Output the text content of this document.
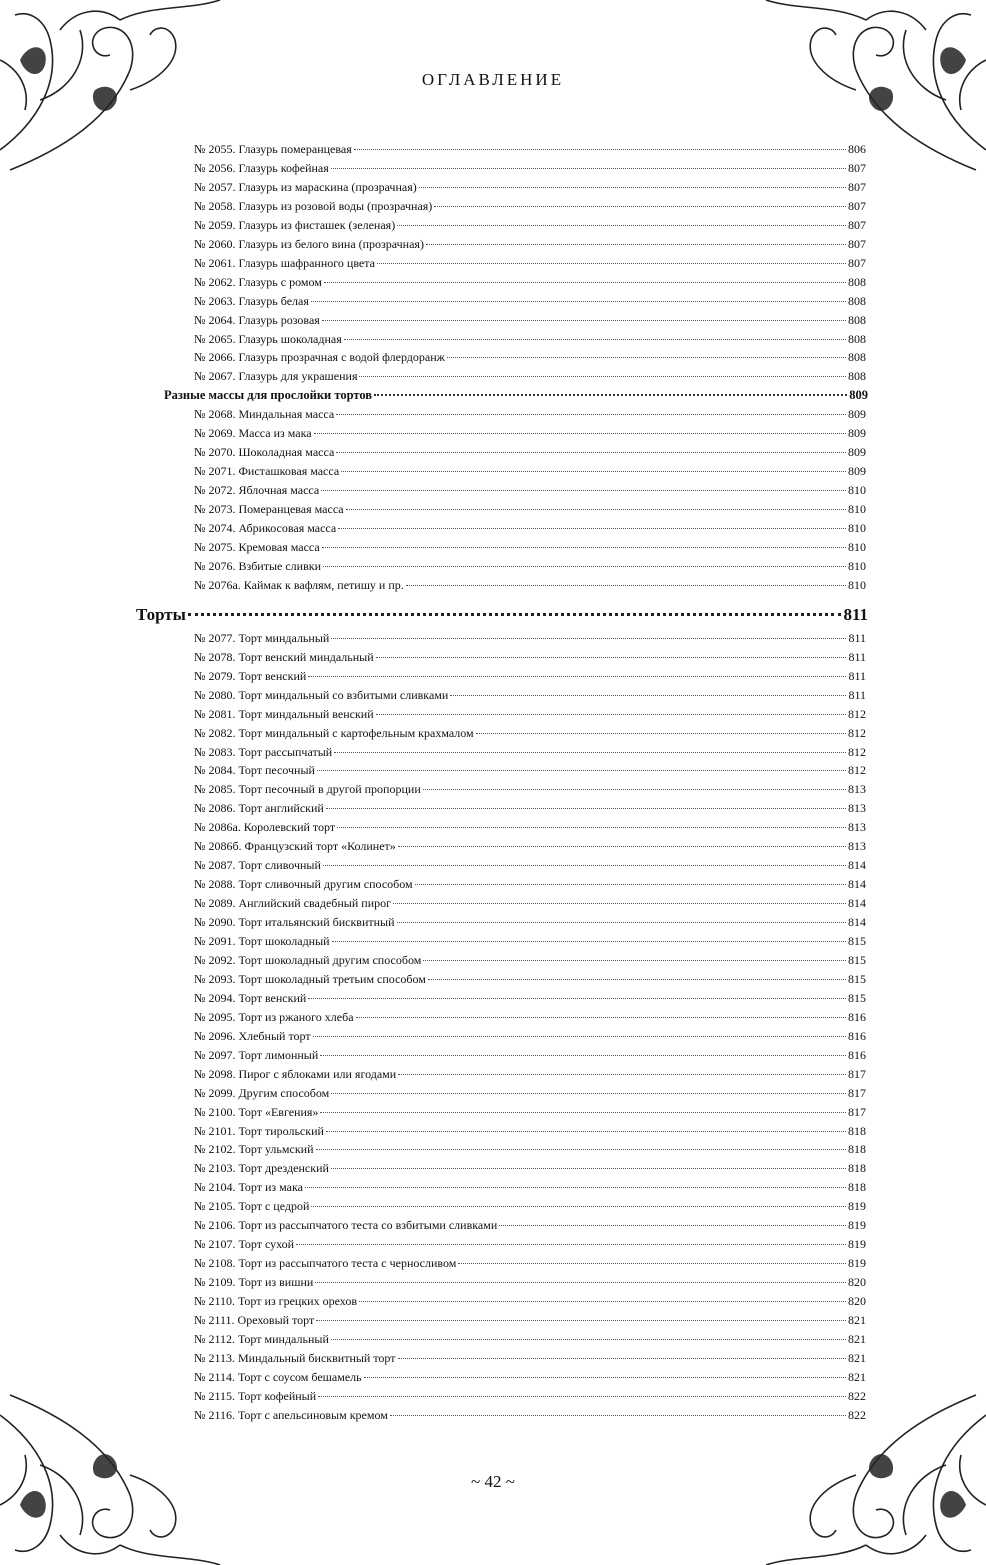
ОГЛАВЛЕНИЕ
№ 2055. Глазурь померанцевая	806
№ 2056. Глазурь кофейная	807
№ 2057. Глазурь из мараскина (прозрачная)	807
№ 2058. Глазурь из розовой воды (прозрачная)	807
№ 2059. Глазурь из фисташек (зеленая)	807
№ 2060. Глазурь из белого вина (прозрачная)	807
№ 2061. Глазурь шафранного цвета	807
№ 2062. Глазурь с ромом	808
№ 2063. Глазурь белая	808
№ 2064. Глазурь розовая	808
№ 2065. Глазурь шоколадная	808
№ 2066. Глазурь прозрачная с водой флердоранж	808
№ 2067. Глазурь для украшения	808
Разные массы для прослойки тортов	809
№ 2068. Миндальная масса	809
№ 2069. Масса из мака	809
№ 2070. Шоколадная масса	809
№ 2071. Фисташковая масса	809
№ 2072. Яблочная масса	810
№ 2073. Померанцевая масса	810
№ 2074. Абрикосовая масса	810
№ 2075. Кремовая масса	810
№ 2076. Взбитые сливки	810
№ 2076а. Каймак к вафлям, петишу и пр.	810
Торты	811
№ 2077. Торт миндальный	811
№ 2078. Торт венский миндальный	811
№ 2079. Торт венский	811
№ 2080. Торт миндальный со взбитыми сливками	811
№ 2081. Торт миндальный венский	812
№ 2082. Торт миндальный с картофельным крахмалом	812
№ 2083. Торт рассыпчатый	812
№ 2084. Торт песочный	812
№ 2085. Торт песочный в другой пропорции	813
№ 2086. Торт английский	813
№ 2086а. Королевский торт	813
№ 2086б. Французский торт «Колинет»	813
№ 2087. Торт сливочный	814
№ 2088. Торт сливочный другим способом	814
№ 2089. Английский свадебный пирог	814
№ 2090. Торт итальянский бисквитный	814
№ 2091. Торт шоколадный	815
№ 2092. Торт шоколадный другим способом	815
№ 2093. Торт шоколадный третьим способом	815
№ 2094. Торт венский	815
№ 2095. Торт из ржаного хлеба	816
№ 2096. Хлебный торт	816
№ 2097. Торт лимонный	816
№ 2098. Пирог с яблоками или ягодами	817
№ 2099. Другим способом	817
№ 2100. Торт «Евгения»	817
№ 2101. Торт тирольский	818
№ 2102. Торт ульмский	818
№ 2103. Торт дрезденский	818
№ 2104. Торт из мака	818
№ 2105. Торт с цедрой	819
№ 2106. Торт из рассыпчатого теста со взбитыми сливками	819
№ 2107. Торт сухой	819
№ 2108. Торт из рассыпчатого теста с черносливом	819
№ 2109. Торт из вишни	820
№ 2110. Торт из грецких орехов	820
№ 2111. Ореховый торт	821
№ 2112. Торт миндальный	821
№ 2113. Миндальный бисквитный торт	821
№ 2114. Торт с соусом бешамель	821
№ 2115. Торт кофейный	822
№ 2116. Торт с апельсиновым кремом	822
~ 42 ~
